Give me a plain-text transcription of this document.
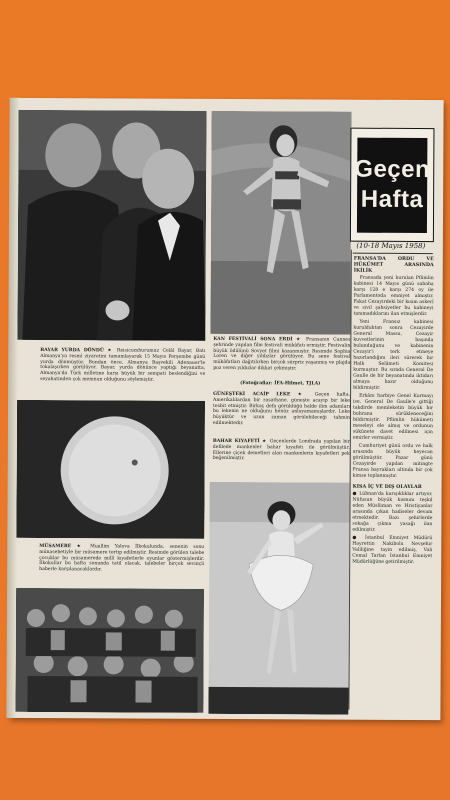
BAYAR YURDA DÖNDÜ ★ Reisicumhurumuz Celâl Bayar, Batı Almanya'ya resmî ziyaretini tamamlayarak 15 Mayıs Perşembe günü yurda dönmüştür. Bundan önce, Almanya Başvekili Adenauer'le tokalaşırken görülüyor. Bayar, yurda dönünce yaptığı beyanatta, Almanya'da Türk milletine karşı büyük bir sempati beslendiğini ve seyahatinden çok memnun olduğunu söylemiştir.

MÜSAMERE ★ Muallim Yalova İlkokulunda, senenin sonu münasebetiyle bir müsamere tertip edilmiştir. Resimde görülen talebe çocuklar bu müsamerede millî kıyafetlerle oyunlar göstermişlerdir. İlkokullar bu hafta sonunda tatil olacak, talebeler birçok sevinçli haberle karşılanacaklardır.

KAN FESTİVALİ SONA ERDİ ★ Fransanın Cannes şehrinde yapılan film festivali mükâfatı ermiştir. Festivalin büyük ödülünü Sovyet filmi kazanmıştır. Resimde Sophia Loren ve diğer yıldızlar görülüyor. Bu sene festival mükâfatları dağıtılırken birçok sürpriz yaşanmış ve plajda poz veren yıldızlar dikkat çekmiştir.

(Fotoğraflar: İFA-Hilmet, TJLA)

GÜNEŞTEKİ ACAİP LEKE ★ Geçen hafta, Amerikalılardan bir rasathane, güneşte acayip bir leke tesbit etmiştir. Birkaç defa görüldüğü halde ilim adamları bu lekenin ne olduğunu henüz anlayamamışlardır. Leke büyüktür ve uzun zaman görülebileceği tahmin edilmektedir.

BAHAR KIYAFETİ ★ Geçenlerde Londrada yapılan bir defilede mankenler bahar kıyafeti ile görülmüştür. Ellerine çiçek demetleri alan mankenlerin kıyafetleri pek beğenilmiştir.

Geçen
Hafta
(10-18 Mayıs 1958)

FRANSA'DA ORDU VE HÜKÜMET ARASINDA İKİLİK

Fransada yeni kurulan Pflimlin kabinesi 14 Mayıs günü sabaha karşı 128 e karşı 274 oy ile Parlamentoda emniyet almıştır. Fakat Cezayirdeki bir kısım askerî ve sivil şahsiyetler bu kabineyi tanımadıklarını ilan etmişlerdir.

Yeni Fransız kabinesi kurulduktan sonra Cezayirde General Massu, Cezayir kuvvetlerinin başında bulunduğunu ve kabinenin Cezayir'i terk etmeye hazırlandığını ileri sürerek bir Halk Selâmeti Komitesi kurmuştur. Bu sırada General De Gaulle de bir beyanatında iktidarı almaya hazır olduğunu bildirmiştir.

Erkânı harbiye Genel Kurmayı ise, General De Gaulle'e gittiği takdirde memleketin büyük bir buhrana sürükleneceğini bildirmiştir. Pflimlin hükümeti meseleyi ele almış ve ordunun sükûnete davet edilmesi için emirler vermiştir.

Cumhuriyet günü ordu ve halk arasında büyük heyecan görülmüştür. Pazar günü Cezayirde yapılan mitingte Fransa bayrakları altında bir çok kimse toplanmıştır.

KISA İÇ VE DIŞ OLAYLAR

● Lübnan'da karışıklıklar artıyor. Nüfusun büyük kısmını teşkil eden Müslüman ve Hristiyanlar arasında çıkan hadiseler devam etmektedir. Bazı şehirlerde sokağa çıkma yasağı ilan edilmiştir.

● İstanbul Emniyet Müdürü Hayrettin Nakibolu Nevşehir Valiliğine tayin edilmiş, Vali Cemal Tarlan İstanbul Emniyet Müdürlüğüne getirilmiştir.
